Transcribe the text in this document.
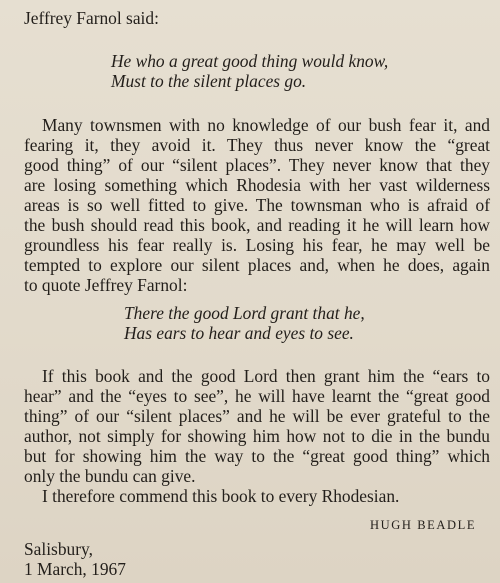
Jeffrey Farnol said:
He who a great good thing would know,
Must to the silent places go.
Many townsmen with no knowledge of our bush fear it, and
fearing it, they avoid it. They thus never know the “great
good thing” of our “silent places”. They never know that they
are losing something which Rhodesia with her vast wilderness
areas is so well fitted to give. The townsman who is afraid of
the bush should read this book, and reading it he will learn how
groundless his fear really is. Losing his fear, he may well be
tempted to explore our silent places and, when he does, again
to quote Jeffrey Farnol:
There the good Lord grant that he,
Has ears to hear and eyes to see.
If this book and the good Lord then grant him the “ears to
hear” and the “eyes to see”, he will have learnt the “great good
thing” of our “silent places” and he will be ever grateful to the
author, not simply for showing him how not to die in the bundu
but for showing him the way to the “great good thing” which
only the bundu can give.
I therefore commend this book to every Rhodesian.
HUGH BEADLE
Salisbury,
1 March, 1967
